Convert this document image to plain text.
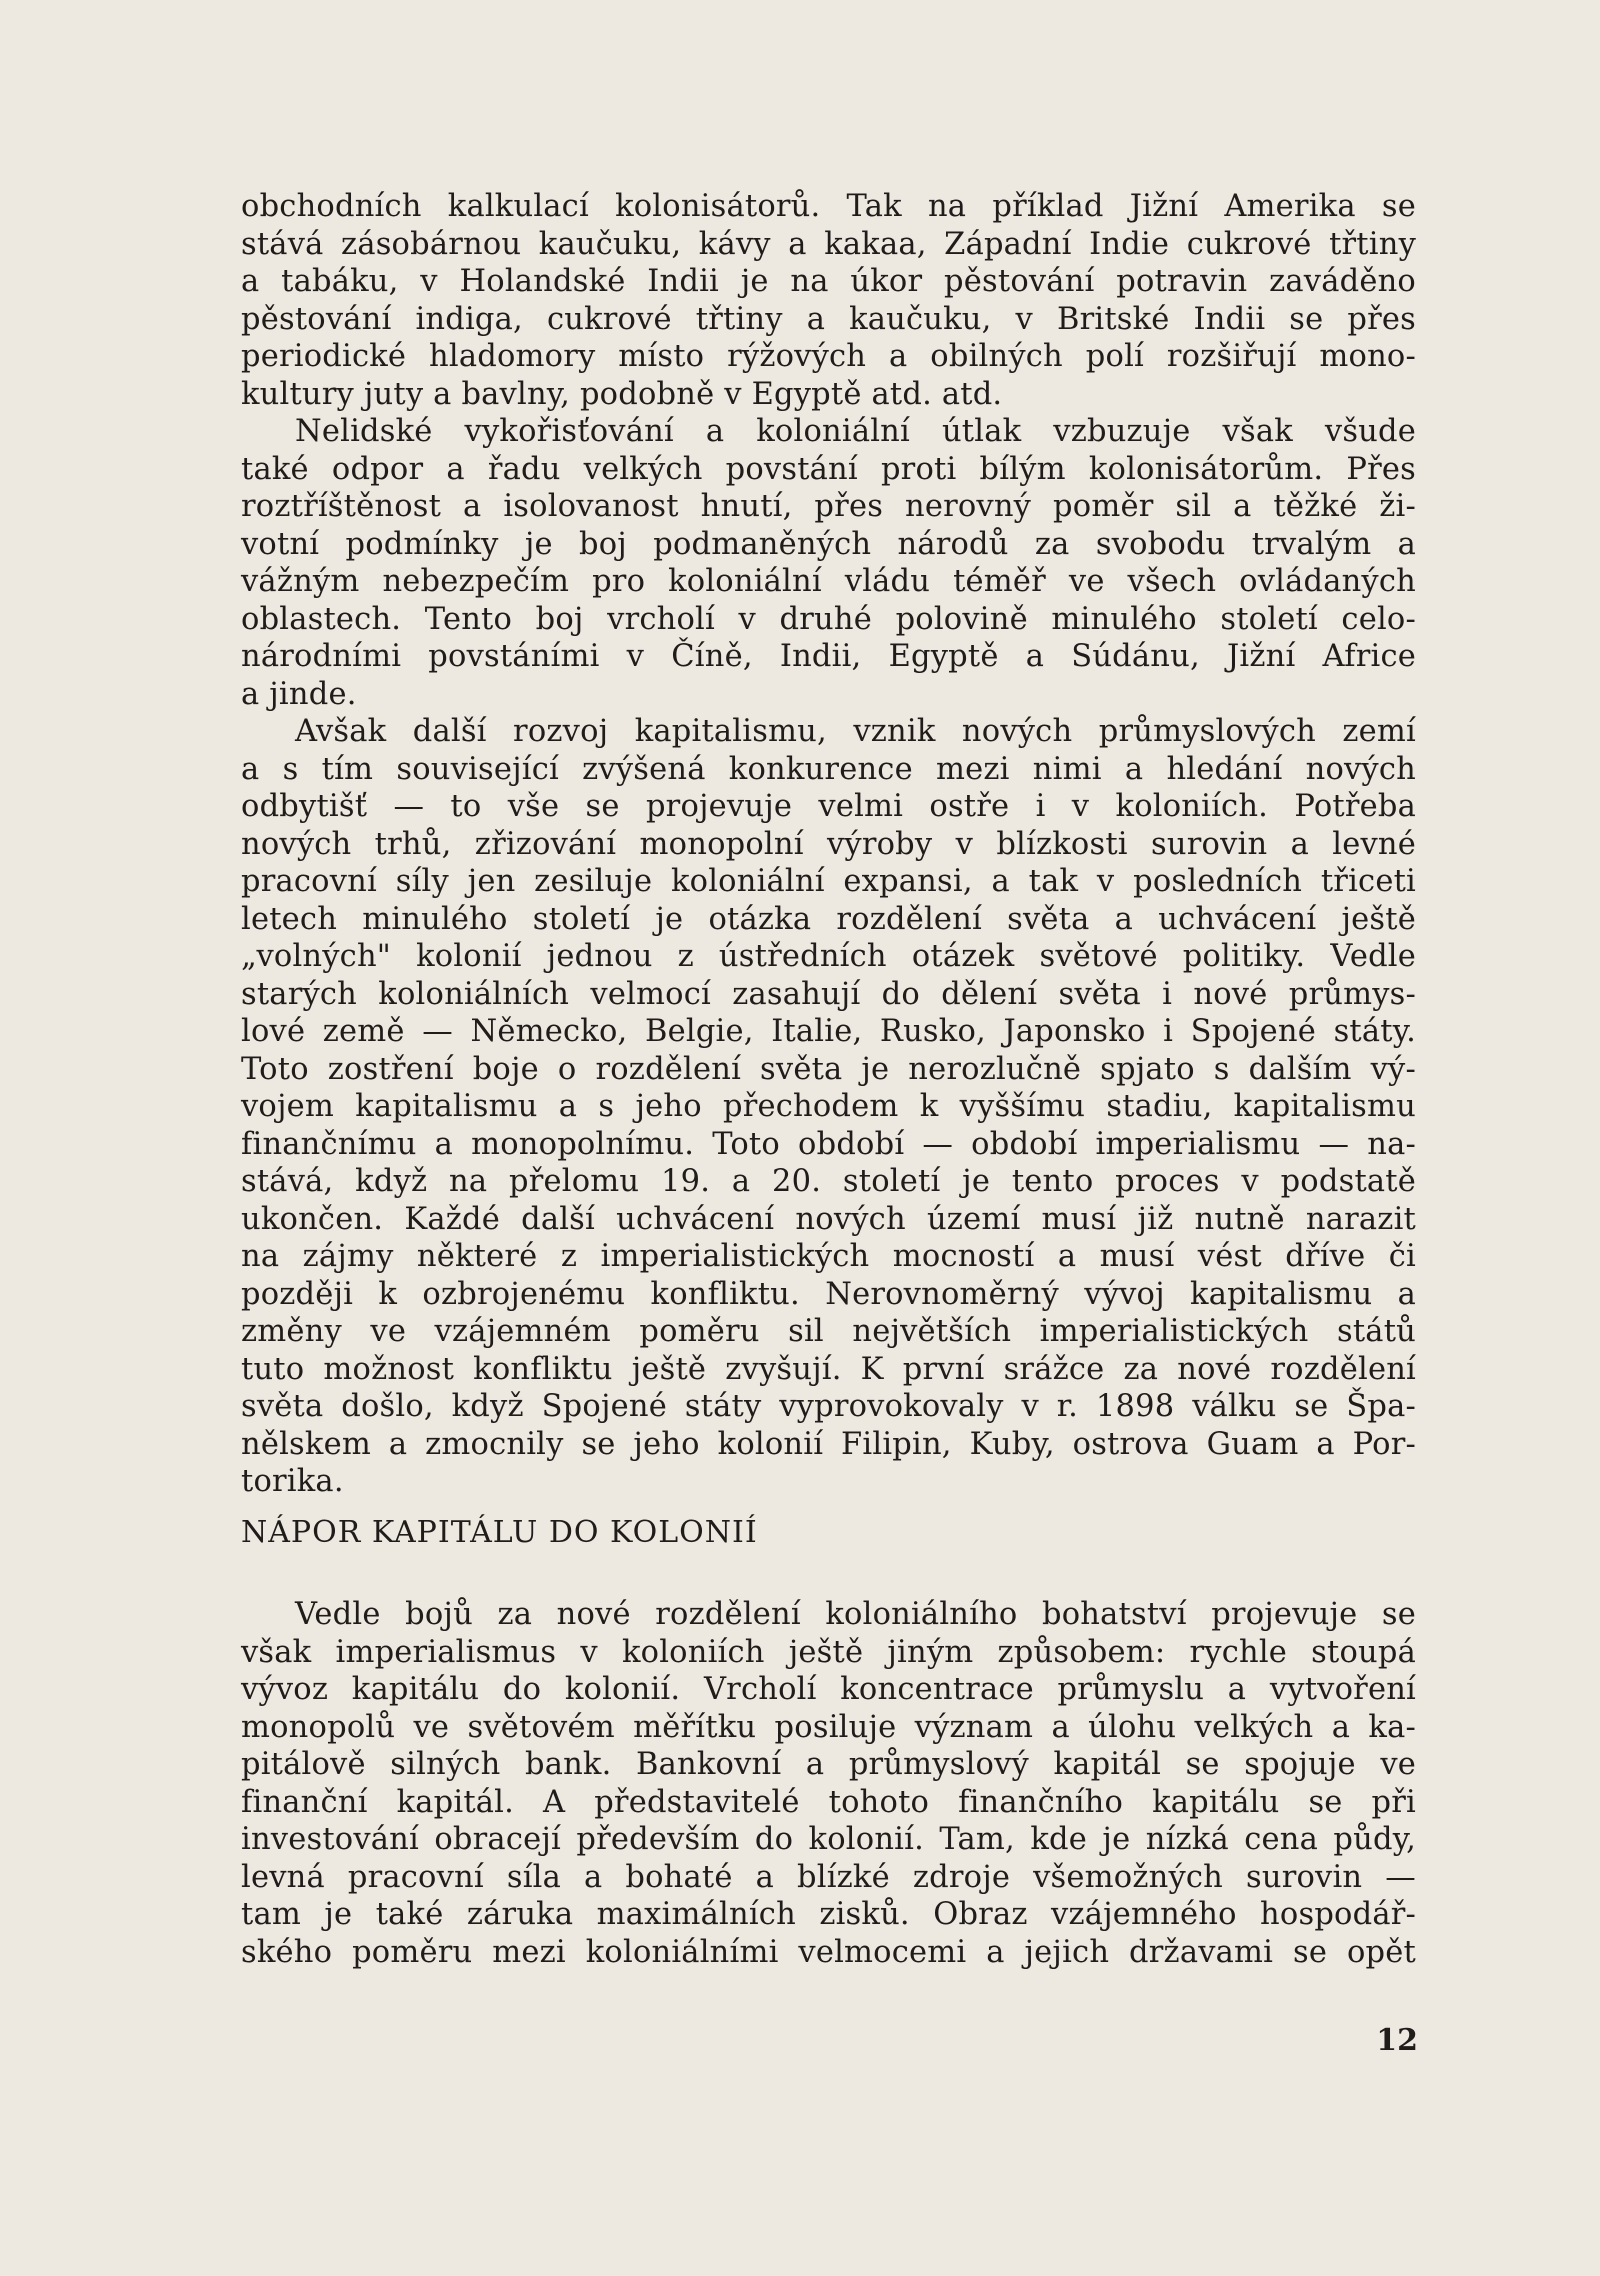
obchodních kalkulací kolonisátorů. Tak na příklad Jižní Amerika se
stává zásobárnou kaučuku, kávy a kakaa, Západní Indie cukrové třtiny
a tabáku, v Holandské Indii je na úkor pěstování potravin zaváděno
pěstování indiga, cukrové třtiny a kaučuku, v Britské Indii se přes
periodické hladomory místo rýžových a obilných polí rozšiřují mono-
kultury juty a bavlny, podobně v Egyptě atd. atd.
Nelidské vykořisťování a koloniální útlak vzbuzuje však všude
také odpor a řadu velkých povstání proti bílým kolonisátorům. Přes
roztříštěnost a isolovanost hnutí, přes nerovný poměr sil a těžké ži-
votní podmínky je boj podmaněných národů za svobodu trvalým a
vážným nebezpečím pro koloniální vládu téměř ve všech ovládaných
oblastech. Tento boj vrcholí v druhé polovině minulého století celo-
národními povstáními v Číně, Indii, Egyptě a Súdánu, Jižní Africe
a jinde.
Avšak další rozvoj kapitalismu, vznik nových průmyslových zemí
a s tím související zvýšená konkurence mezi nimi a hledání nových
odbytišť — to vše se projevuje velmi ostře i v koloniích. Potřeba
nových trhů, zřizování monopolní výroby v blízkosti surovin a levné
pracovní síly jen zesiluje koloniální expansi, a tak v posledních třiceti
letech minulého století je otázka rozdělení světa a uchvácení ještě
„volných" kolonií jednou z ústředních otázek světové politiky. Vedle
starých koloniálních velmocí zasahují do dělení světa i nové průmys-
lové země — Německo, Belgie, Italie, Rusko, Japonsko i Spojené státy.
Toto zostření boje o rozdělení světa je nerozlučně spjato s dalším vý-
vojem kapitalismu a s jeho přechodem k vyššímu stadiu, kapitalismu
finančnímu a monopolnímu. Toto období — období imperialismu — na-
stává, když na přelomu 19. a 20. století je tento proces v podstatě
ukončen. Každé další uchvácení nových území musí již nutně narazit
na zájmy některé z imperialistických mocností a musí vést dříve či
později k ozbrojenému konfliktu. Nerovnoměrný vývoj kapitalismu a
změny ve vzájemném poměru sil největších imperialistických států
tuto možnost konfliktu ještě zvyšují. K první srážce za nové rozdělení
světa došlo, když Spojené státy vyprovokovaly v r. 1898 válku se Špa-
nělskem a zmocnily se jeho kolonií Filipin, Kuby, ostrova Guam a Por-
torika.
NÁPOR KAPITÁLU DO KOLONIÍ
Vedle bojů za nové rozdělení koloniálního bohatství projevuje se
však imperialismus v koloniích ještě jiným způsobem: rychle stoupá
vývoz kapitálu do kolonií. Vrcholí koncentrace průmyslu a vytvoření
monopolů ve světovém měřítku posiluje význam a úlohu velkých a ka-
pitálově silných bank. Bankovní a průmyslový kapitál se spojuje ve
finanční kapitál. A představitelé tohoto finančního kapitálu se při
investování obracejí především do kolonií. Tam, kde je nízká cena půdy,
levná pracovní síla a bohaté a blízké zdroje všemožných surovin —
tam je také záruka maximálních zisků. Obraz vzájemného hospodář-
ského poměru mezi koloniálními velmocemi a jejich državami se opět
12
